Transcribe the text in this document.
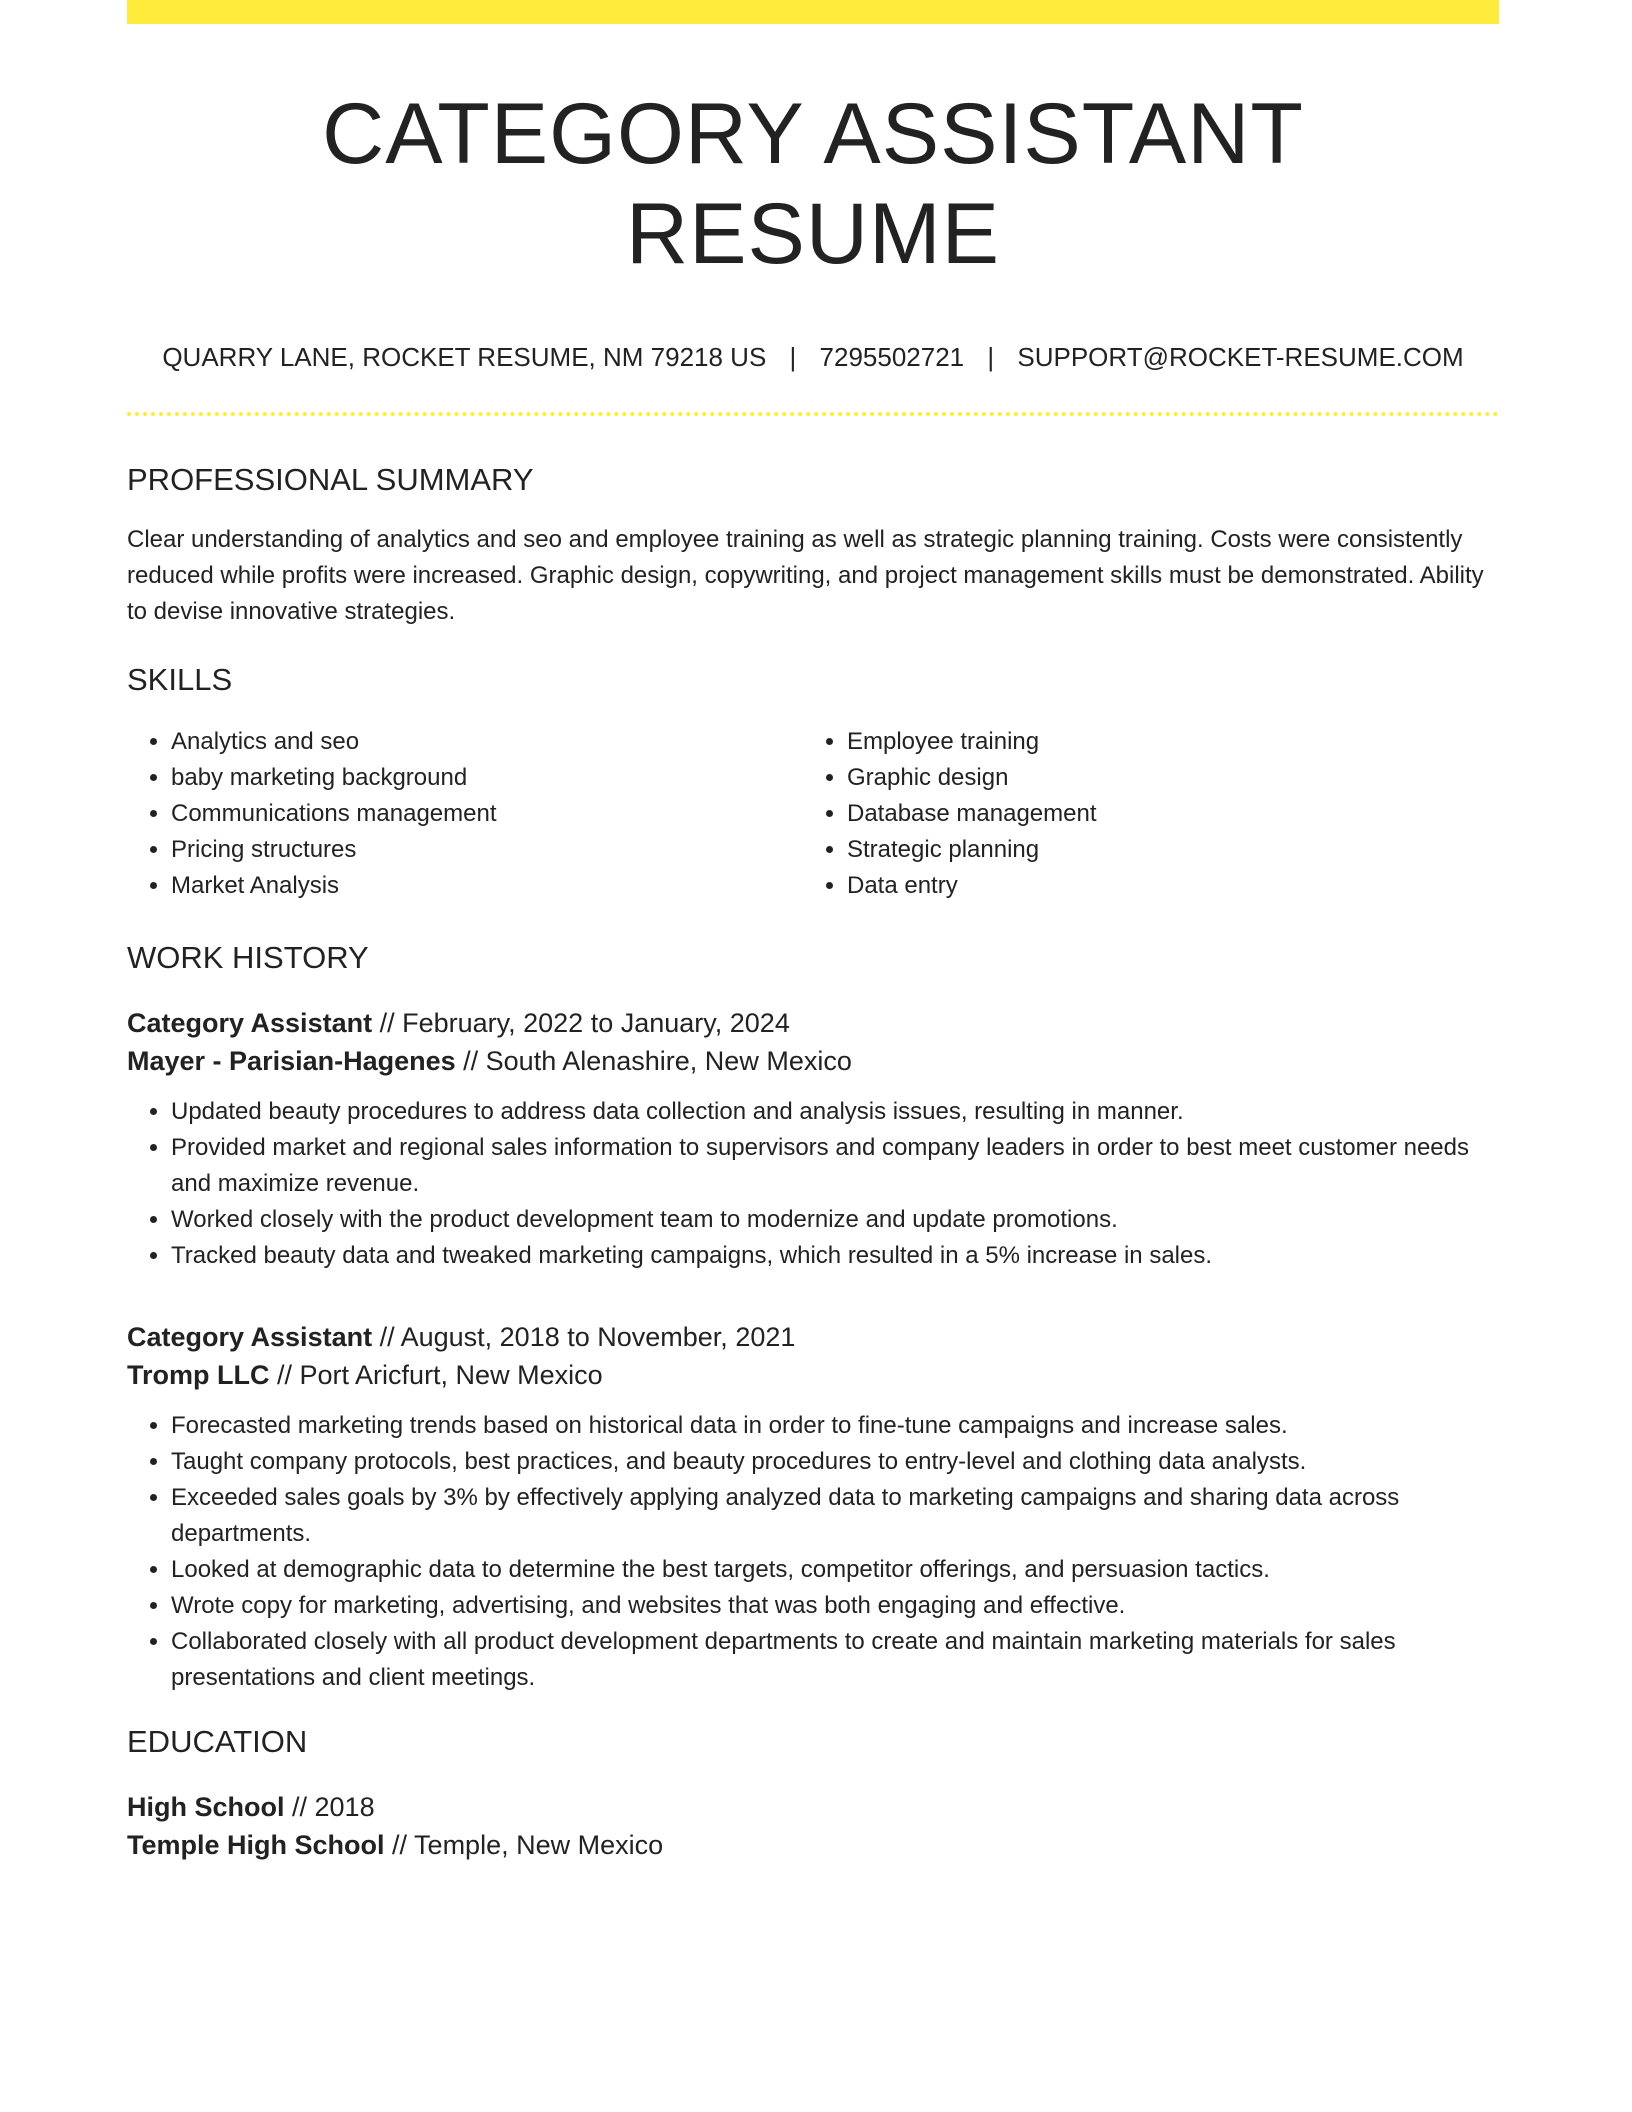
CATEGORY ASSISTANT RESUME
QUARRY LANE, ROCKET RESUME, NM 79218 US | 7295502721 | SUPPORT@ROCKET-RESUME.COM
PROFESSIONAL SUMMARY
Clear understanding of analytics and seo and employee training as well as strategic planning training. Costs were consistently reduced while profits were increased. Graphic design, copywriting, and project management skills must be demonstrated. Ability to devise innovative strategies.
SKILLS
• Analytics and seo
• baby marketing background
• Communications management
• Pricing structures
• Market Analysis
• Employee training
• Graphic design
• Database management
• Strategic planning
• Data entry
WORK HISTORY
Category Assistant // February, 2022 to January, 2024
Mayer - Parisian-Hagenes // South Alenashire, New Mexico
• Updated beauty procedures to address data collection and analysis issues, resulting in manner.
• Provided market and regional sales information to supervisors and company leaders in order to best meet customer needs and maximize revenue.
• Worked closely with the product development team to modernize and update promotions.
• Tracked beauty data and tweaked marketing campaigns, which resulted in a 5% increase in sales.
Category Assistant // August, 2018 to November, 2021
Tromp LLC // Port Aricfurt, New Mexico
• Forecasted marketing trends based on historical data in order to fine-tune campaigns and increase sales.
• Taught company protocols, best practices, and beauty procedures to entry-level and clothing data analysts.
• Exceeded sales goals by 3% by effectively applying analyzed data to marketing campaigns and sharing data across departments.
• Looked at demographic data to determine the best targets, competitor offerings, and persuasion tactics.
• Wrote copy for marketing, advertising, and websites that was both engaging and effective.
• Collaborated closely with all product development departments to create and maintain marketing materials for sales presentations and client meetings.
EDUCATION
High School // 2018
Temple High School // Temple, New Mexico
